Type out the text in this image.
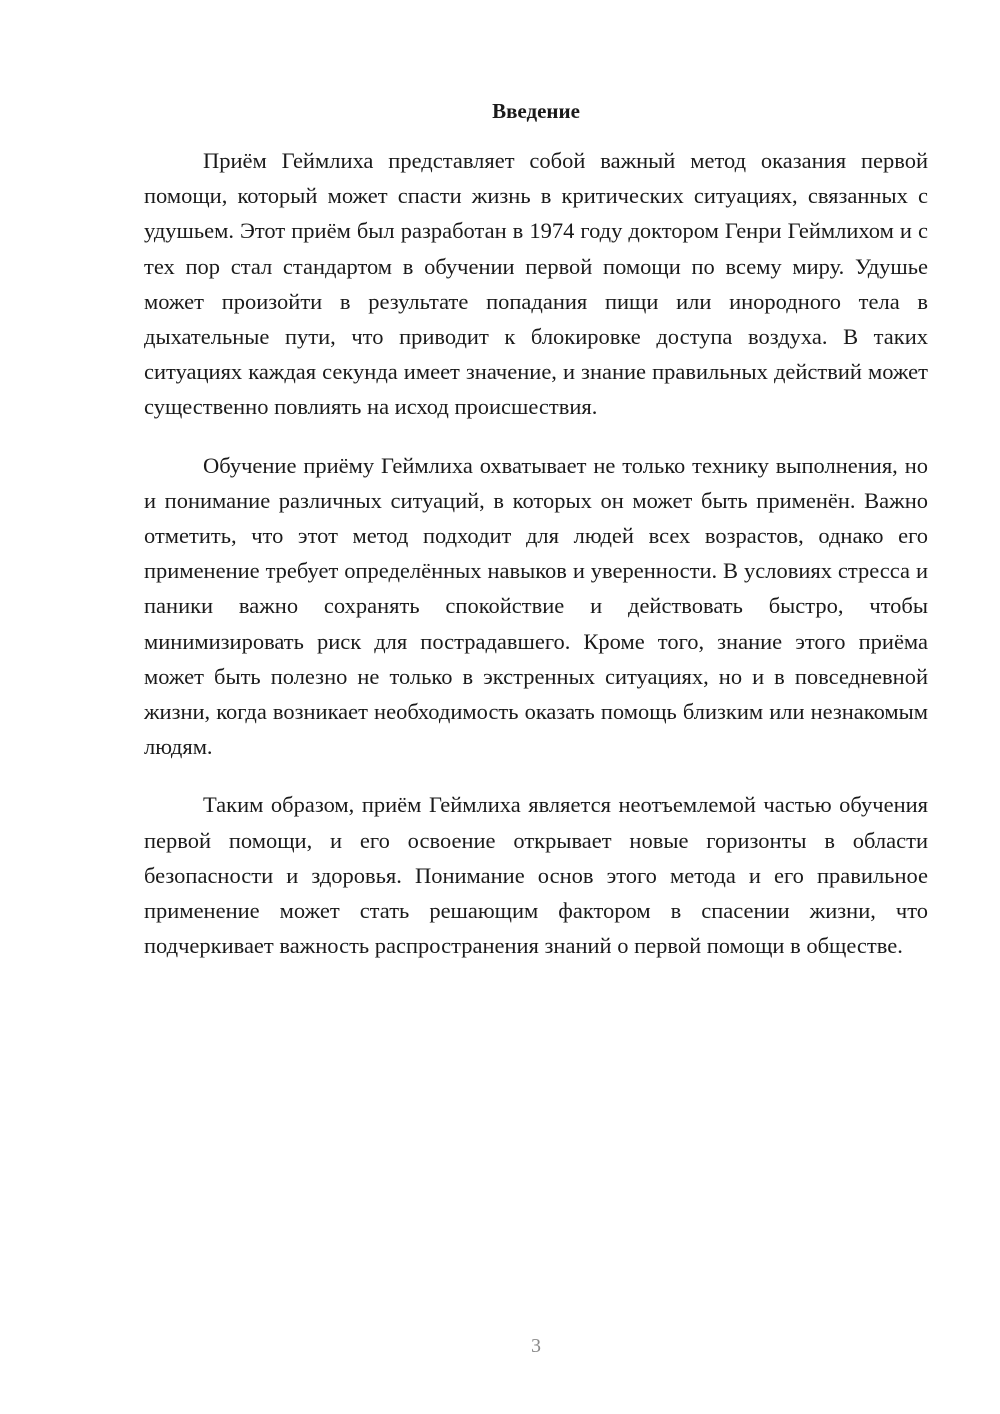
Введение

Приём Геймлиха представляет собой важный метод оказания первой помощи, который может спасти жизнь в критических ситуациях, связанных с удушьем. Этот приём был разработан в 1974 году доктором Генри Геймлихом и с тех пор стал стандартом в обучении первой помощи по всему миру. Удушье может произойти в результате попадания пищи или инородного тела в дыхательные пути, что приводит к блокировке доступа воздуха. В таких ситуациях каждая секунда имеет значение, и знание правильных действий может существенно повлиять на исход происшествия.

Обучение приёму Геймлиха охватывает не только технику выполнения, но и понимание различных ситуаций, в которых он может быть применён. Важно отметить, что этот метод подходит для людей всех возрастов, однако его применение требует определённых навыков и уверенности. В условиях стресса и паники важно сохранять спокойствие и действовать быстро, чтобы минимизировать риск для пострадавшего. Кроме того, знание этого приёма может быть полезно не только в экстренных ситуациях, но и в повседневной жизни, когда возникает необходимость оказать помощь близким или незнакомым людям.

Таким образом, приём Геймлиха является неотъемлемой частью обучения первой помощи, и его освоение открывает новые горизонты в области безопасности и здоровья. Понимание основ этого метода и его правильное применение может стать решающим фактором в спасении жизни, что подчеркивает важность распространения знаний о первой помощи в обществе.

3
